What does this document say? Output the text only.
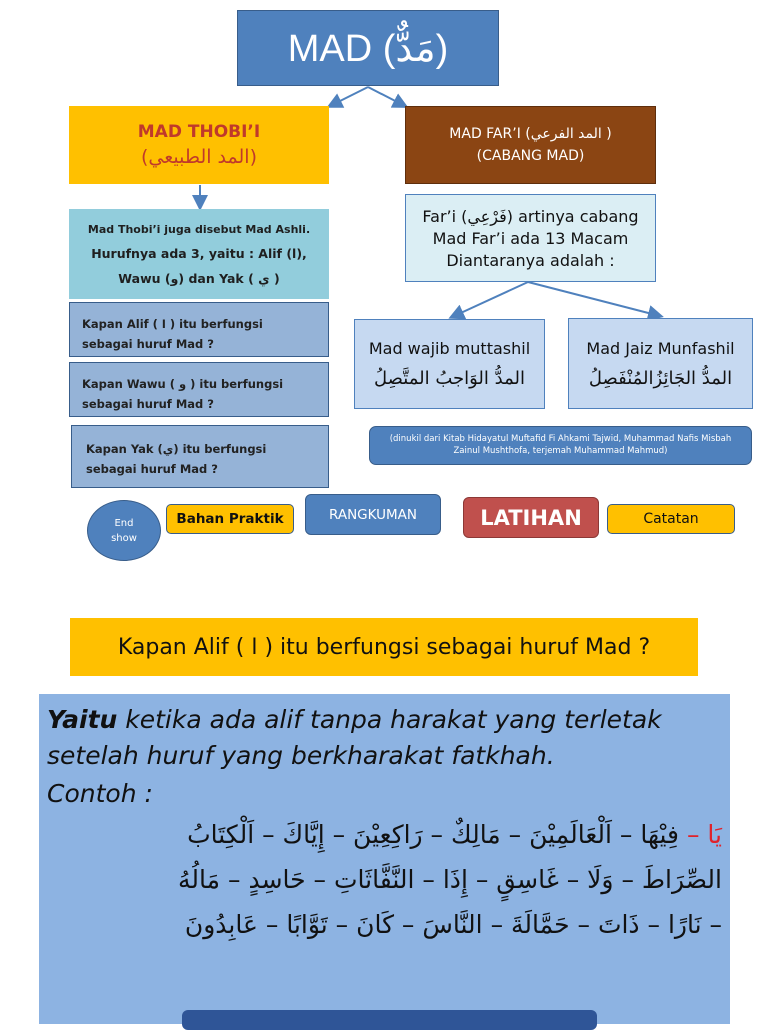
MAD (مَدٌّ)
MAD THOBI’I
(المد الطبيعي)
MAD FAR’I (المد الفرعي )
(CABANG MAD)
Mad Thobi’i juga disebut Mad Ashli.
Hurufnya ada 3, yaitu : Alif (ا),
Wawu (و) dan Yak ( ي )
Kapan Alif ( ا ) itu berfungsi sebagai huruf Mad ?
Kapan Wawu ( و ) itu berfungsi sebagai huruf Mad ?
Kapan Yak (ي) itu berfungsi sebagai huruf Mad ?
Far’i (فَرْعِي) artinya cabang
Mad Far’i ada 13 Macam
Diantaranya adalah :
Mad wajib muttashil
المدُّ الوَاجبُ المتَّصِلُ
Mad Jaiz Munfashil
المدُّ الجَائِزُالمُنْفَصِلُ
(dinukil dari Kitab Hidayatul Muftafid Fi Ahkami Tajwid, Muhammad Nafis Misbah Zainul Mushthofa, terjemah Muhammad Mahmud)
End show
Bahan Praktik	RANGKUMAN	LATIHAN	Catatan
Kapan Alif ( ا ) itu berfungsi sebagai huruf Mad ?
Yaitu ketika ada alif tanpa harakat yang terletak setelah huruf yang berkharakat fatkhah.
Contoh :
يَا – فِيْهَا – اَلْعَالَمِيْنَ – مَالِكٌ – رَاكِعِيْنَ – إِيَّاكَ – اَلْكِتَابُ
الصِّرَاطَ – وَلَا – غَاسِقٍ – إِذَا – النَّفَّاثَاتِ – حَاسِدٍ – مَالُهُ
– نَارًا – ذَاتَ – حَمَّالَةَ – النَّاسَ – كَانَ – تَوَّابًا – عَابِدُونَ
